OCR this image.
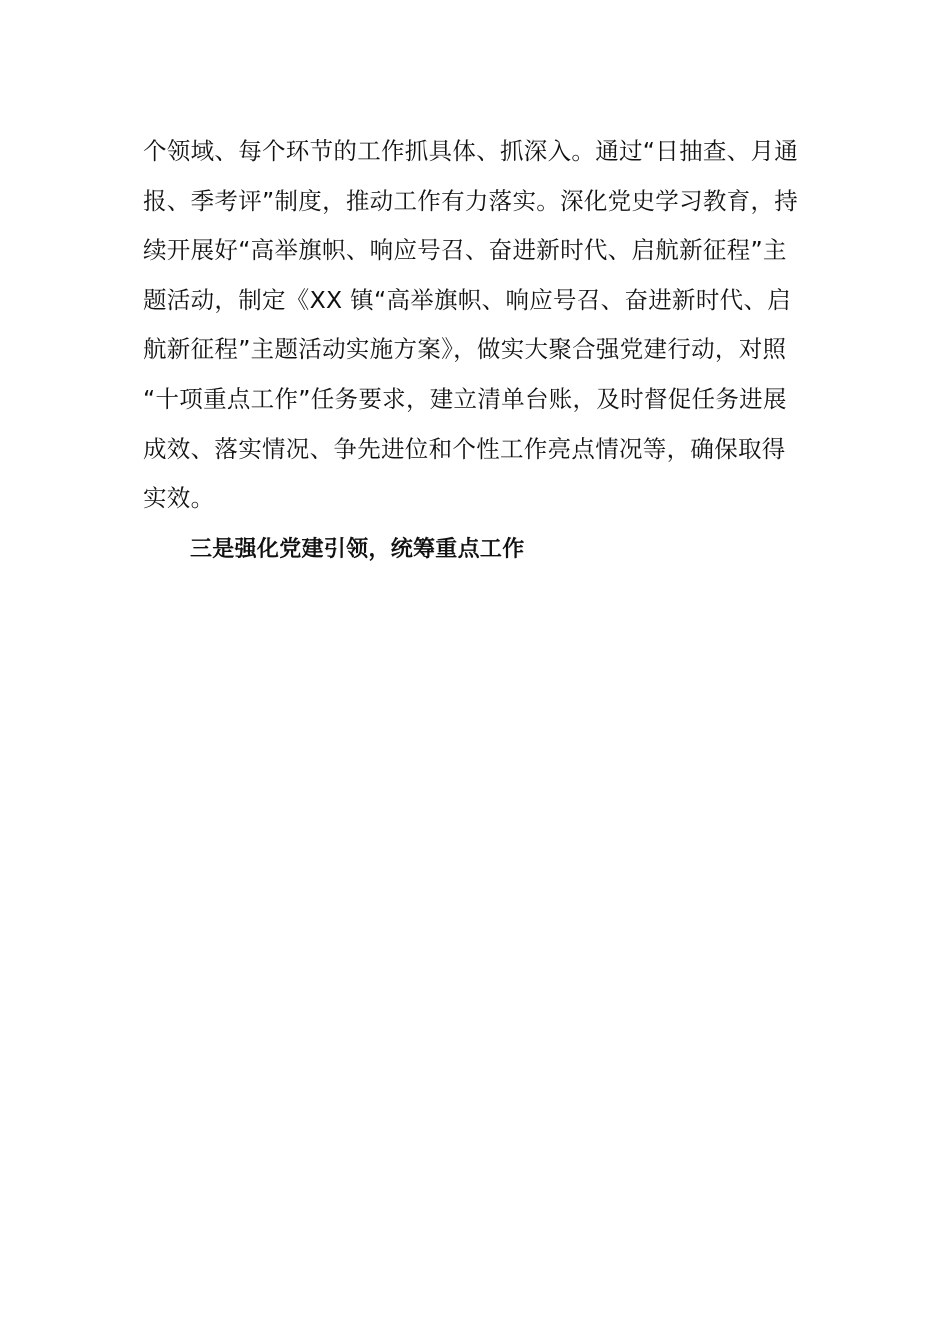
个领域、每个环节的工作抓具体、抓深入。通过“日抽查、月通
报、季考评”制度，推动工作有力落实。深化党史学习教育，持
续开展好“高举旗帜、响应号召、奋进新时代、启航新征程”主
题活动，制定《XX 镇“高举旗帜、响应号召、奋进新时代、启
航新征程”主题活动实施方案》，做实大聚合强党建行动，对照
“十项重点工作”任务要求，建立清单台账，及时督促任务进展
成效、落实情况、争先进位和个性工作亮点情况等，确保取得
实效。
三是强化党建引领，统筹重点工作
